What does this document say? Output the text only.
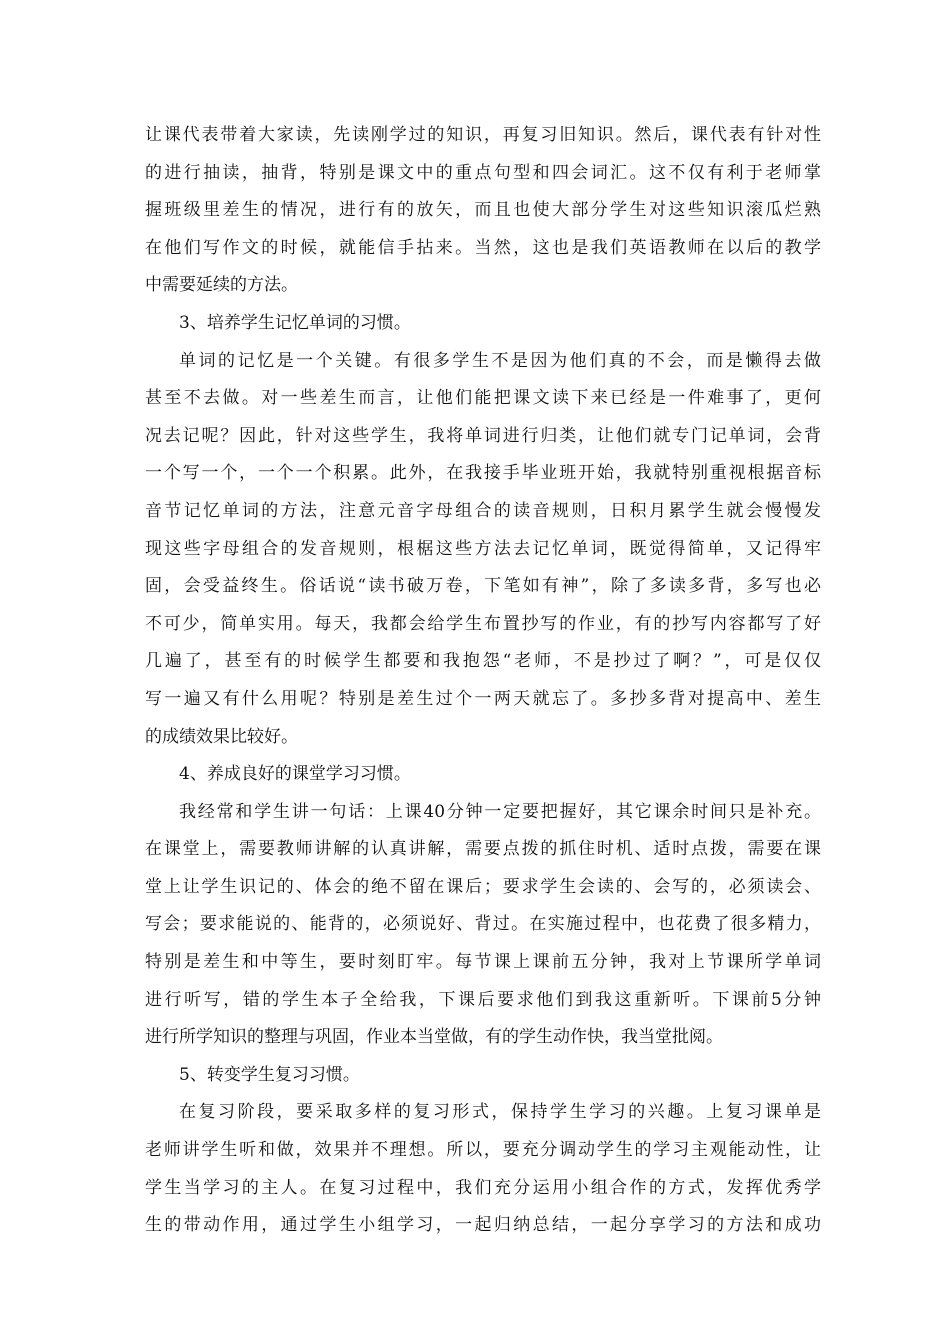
让课代表带着大家读，先读刚学过的知识，再复习旧知识。然后，课代表有针对性
的进行抽读，抽背，特别是课文中的重点句型和四会词汇。这不仅有利于老师掌
握班级里差生的情况，进行有的放矢，而且也使大部分学生对这些知识滚瓜烂熟
在他们写作文的时候，就能信手拈来。当然，这也是我们英语教师在以后的教学
中需要延续的方法。
3、培养学生记忆单词的习惯。
单词的记忆是一个关键。有很多学生不是因为他们真的不会，而是懒得去做
甚至不去做。对一些差生而言，让他们能把课文读下来已经是一件难事了，更何
况去记呢？因此，针对这些学生，我将单词进行归类，让他们就专门记单词，会背
一个写一个，一个一个积累。此外，在我接手毕业班开始，我就特别重视根据音标
音节记忆单词的方法，注意元音字母组合的读音规则，日积月累学生就会慢慢发
现这些字母组合的发音规则，根椐这些方法去记忆单词，既觉得简单，又记得牢
固，会受益终生。俗话说“读书破万卷，下笔如有神”，除了多读多背，多写也必
不可少，简单实用。每天，我都会给学生布置抄写的作业，有的抄写内容都写了好
几遍了，甚至有的时候学生都要和我抱怨“老师，不是抄过了啊？”，可是仅仅
写一遍又有什么用呢？特别是差生过个一两天就忘了。多抄多背对提高中、差生
的成绩效果比较好。
4、养成良好的课堂学习习惯。
我经常和学生讲一句话：上课40分钟一定要把握好，其它课余时间只是补充。
在课堂上，需要教师讲解的认真讲解，需要点拨的抓住时机、适时点拨，需要在课
堂上让学生识记的、体会的绝不留在课后；要求学生会读的、会写的，必须读会、
写会；要求能说的、能背的，必须说好、背过。在实施过程中，也花费了很多精力，
特别是差生和中等生，要时刻盯牢。每节课上课前五分钟，我对上节课所学单词
进行听写，错的学生本子全给我，下课后要求他们到我这重新听。下课前5分钟
进行所学知识的整理与巩固，作业本当堂做，有的学生动作快，我当堂批阅。
5、转变学生复习习惯。
在复习阶段，要采取多样的复习形式，保持学生学习的兴趣。上复习课单是
老师讲学生听和做，效果并不理想。所以，要充分调动学生的学习主观能动性，让
学生当学习的主人。在复习过程中，我们充分运用小组合作的方式，发挥优秀学
生的带动作用，通过学生小组学习，一起归纳总结，一起分享学习的方法和成功
